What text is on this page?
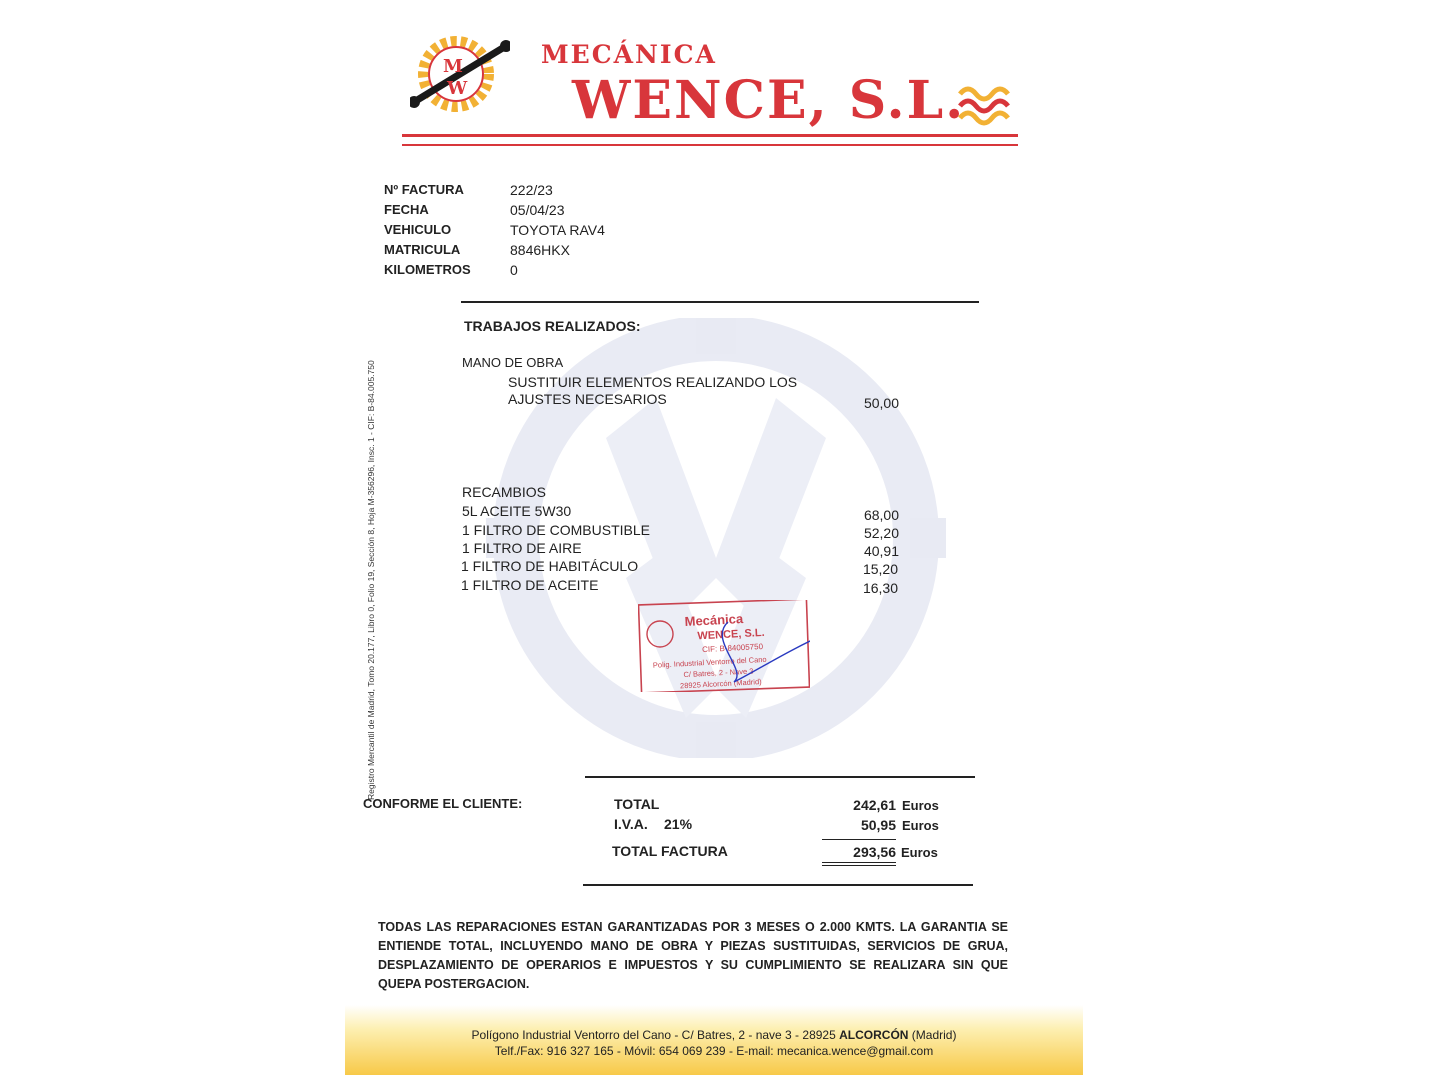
M
W
MECÁNICA
WENCE, S.L.
Nº FACTURA	222/23
FECHA	05/04/23
VEHICULO	TOYOTA RAV4
MATRICULA	8846HKX
KILOMETROS	0
TRABAJOS REALIZADOS:
MANO DE OBRA
SUSTITUIR ELEMENTOS REALIZANDO LOS
AJUSTES NECESARIOS	50,00
RECAMBIOS
5L ACEITE 5W30	68,00
1 FILTRO DE COMBUSTIBLE	52,20
1 FILTRO DE AIRE	40,91
1 FILTRO DE HABITÁCULO	15,20
1 FILTRO DE ACEITE	16,30
Mecánica
WENCE, S.L.
CIF: B-84005750
Polig. Industrial Ventorro del Cano
C/ Batres, 2 - Nave 3
28925 Alcorcón (Madrid)
CONFORME EL CLIENTE:	TOTAL	242,61 Euros
I.V.A. 21%	50,95 Euros
TOTAL FACTURA	293,56 Euros
TODAS LAS REPARACIONES ESTAN GARANTIZADAS POR 3 MESES O 2.000 KMTS. LA GARANTIA SE ENTIENDE TOTAL, INCLUYENDO MANO DE OBRA Y PIEZAS SUSTITUIDAS, SERVICIOS DE GRUA, DESPLAZAMIENTO DE OPERARIOS E IMPUESTOS Y SU CUMPLIMIENTO SE REALIZARA SIN QUE QUEPA POSTERGACION.
Polígono Industrial Ventorro del Cano - C/ Batres, 2 - nave 3 - 28925 ALCORCÓN (Madrid)
Telf./Fax: 916 327 165 - Móvil: 654 069 239 - E-mail: mecanica.wence@gmail.com
Registro Mercantil de Madrid, Tomo 20.177, Libro 0, Folio 19, Sección 8, Hoja M-356296, Insc. 1 - CIF: B-84.005.750
